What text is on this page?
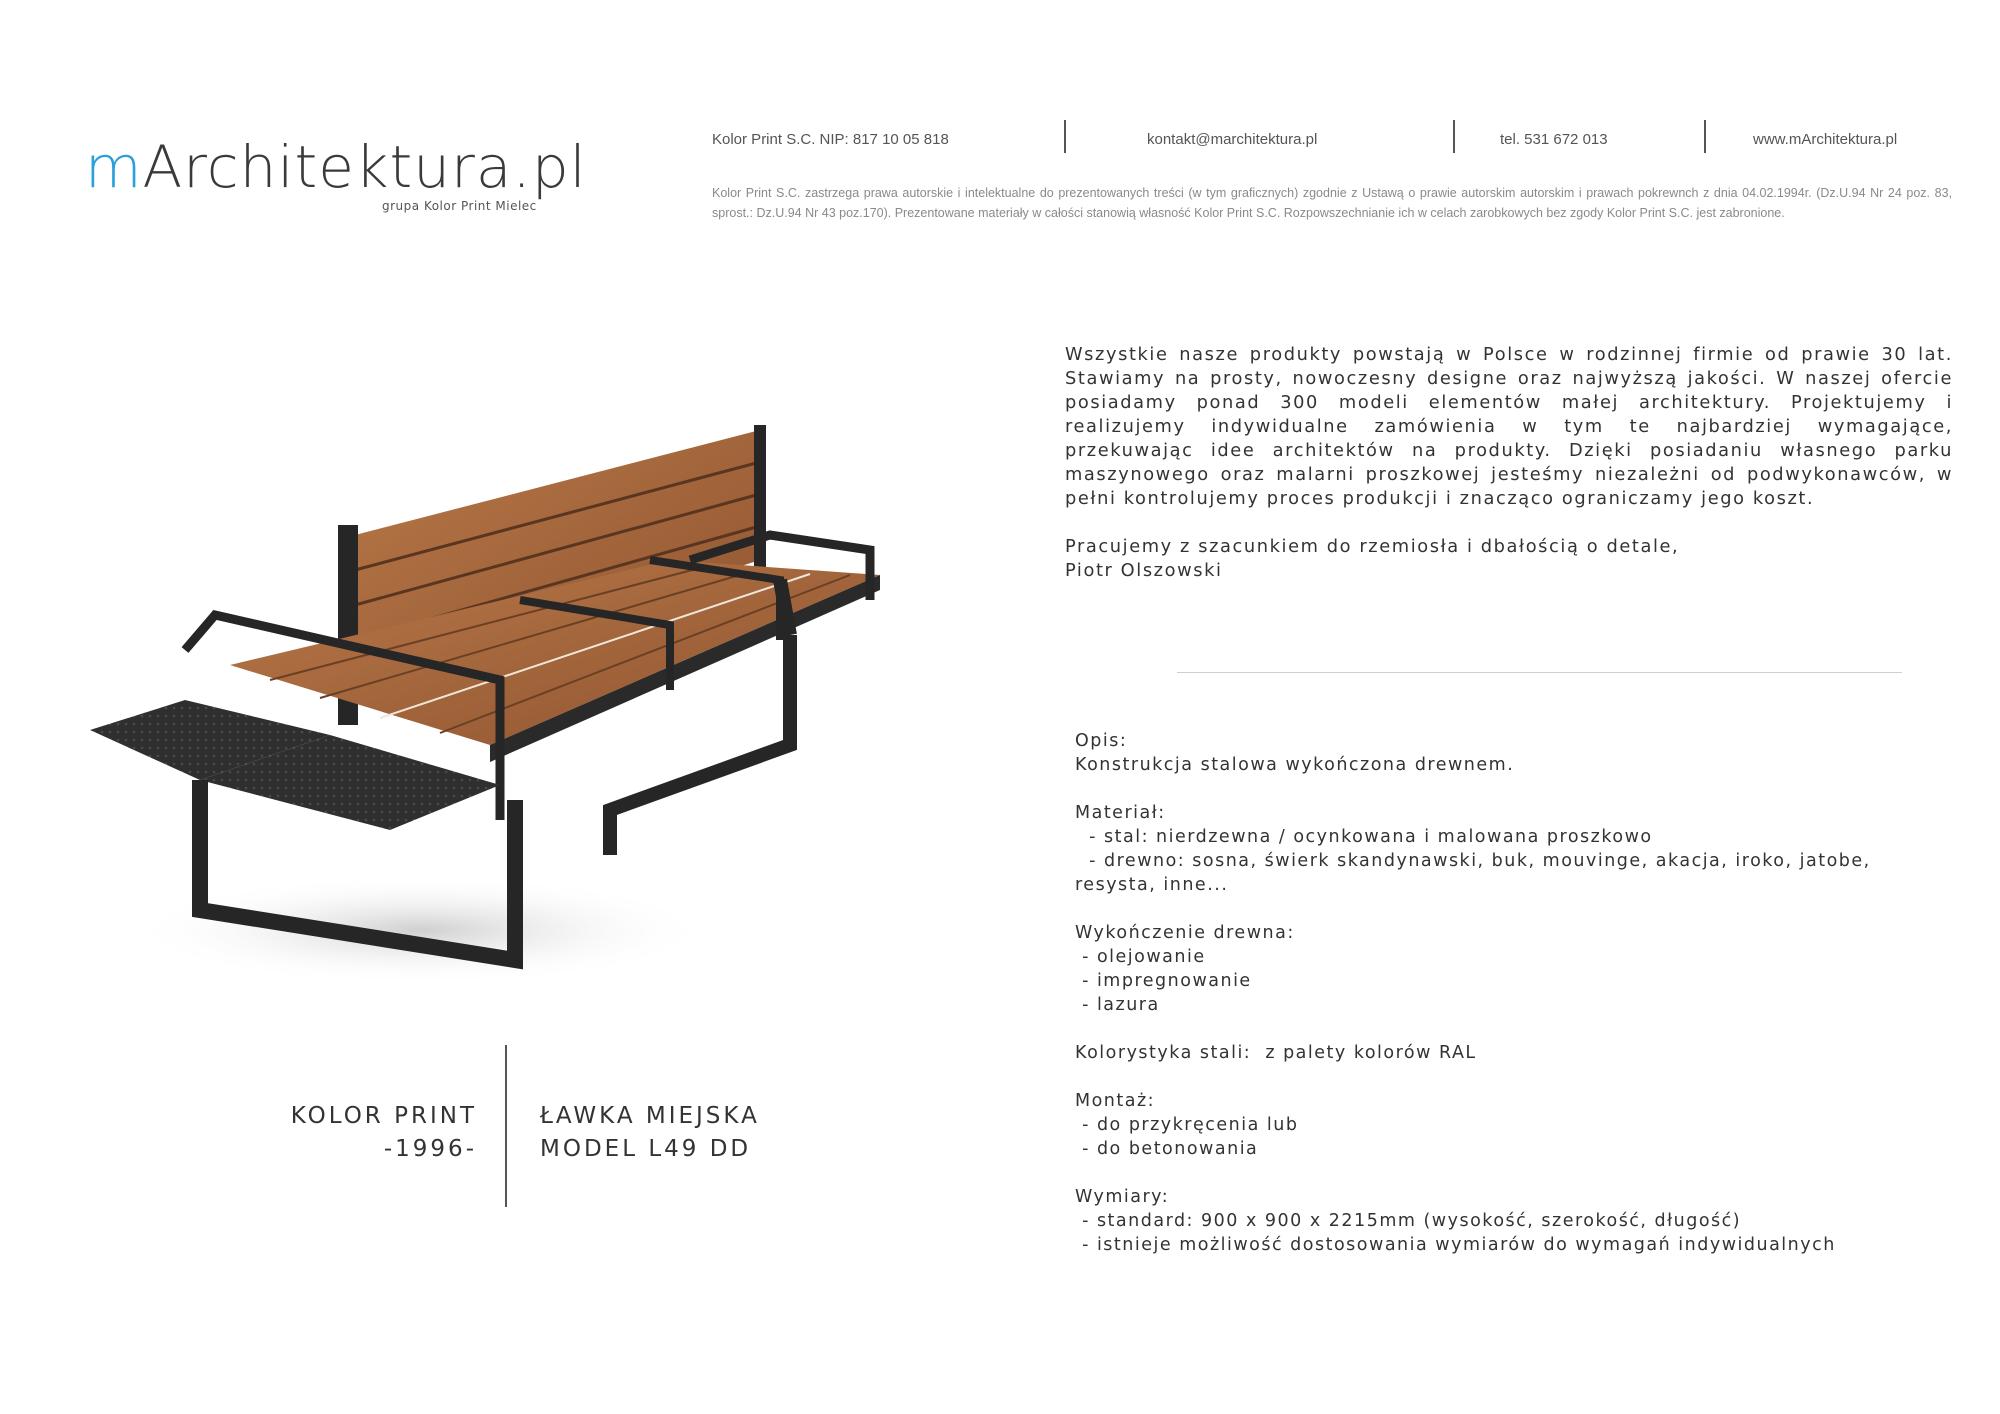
mArchitektura.pl
grupa Kolor Print Mielec
Kolor Print S.C. NIP: 817 10 05 818	kontakt@marchitektura.pl	tel. 531 672 013	www.mArchitektura.pl
Kolor Print S.C. zastrzega prawa autorskie i intelektualne do prezentowanych treści (w tym graficznych) zgodnie z Ustawą o prawie autorskim autorskim i prawach pokrewnch z dnia 04.02.1994r. (Dz.U.94 Nr 24 poz. 83, sprost.: Dz.U.94 Nr 43 poz.170). Prezentowane materiały w całości stanowią własność Kolor Print S.C. Rozpowszechnianie ich w celach zarobkowych bez zgody Kolor Print S.C. jest zabronione.

Wszystkie nasze produkty powstają w Polsce w rodzinnej firmie od prawie 30 lat. Stawiamy na prosty, nowoczesny designe oraz najwyższą jakości. W naszej ofercie posiadamy ponad 300 modeli elementów małej architektury. Projektujemy i realizujemy indywidualne zamówienia w tym te najbardziej wymagające, przekuwając idee architektów na produkty. Dzięki posiadaniu własnego parku maszynowego oraz malarni proszkowej jesteśmy niezależni od podwykonawców, w pełni kontrolujemy proces produkcji i znacząco ograniczamy jego koszt.

Pracujemy z szacunkiem do rzemiosła i dbałością o detale,

Piotr Olszowski

Opis:
Konstrukcja stalowa wykończona drewnem.
Materiał:
- stal: nierdzewna / ocynkowana i malowana proszkowo
- drewno: sosna, świerk skandynawski, buk, mouvinge, akacja, iroko, jatobe,
resysta, inne...
Wykończenie drewna:
- olejowanie
- impregnowanie
- lazura
Kolorystyka stali:  z palety kolorów RAL
Montaż:
- do przykręcenia lub
- do betonowania
Wymiary:
- standard: 900 x 900 x 2215mm (wysokość, szerokość, długość)
- istnieje możliwość dostosowania wymiarów do wymagań indywidualnych
KOLOR PRINT
-1996-
ŁAWKA MIEJSKA
MODEL L49 DD
